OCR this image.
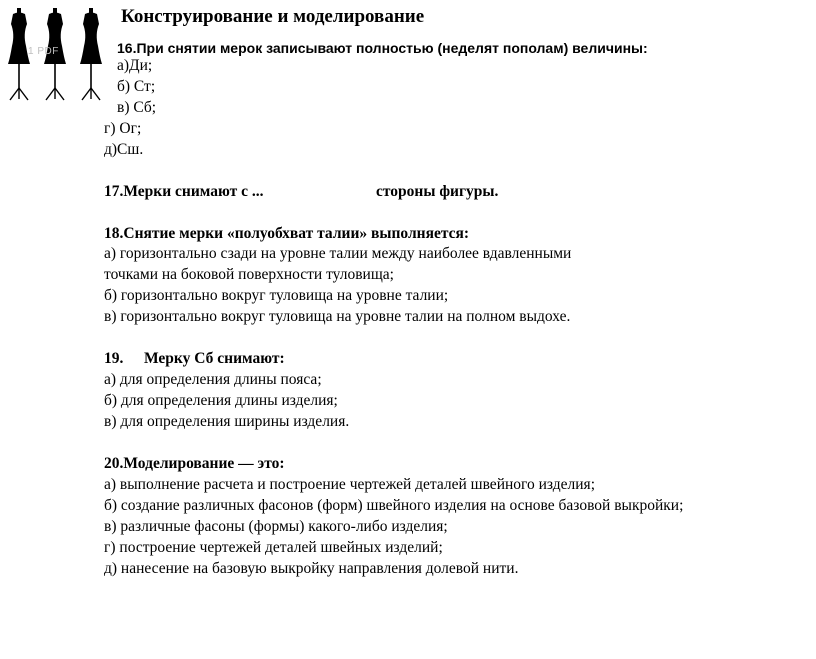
1 PDF
Конструирование и моделирование
16.При снятии мерок записывают полностью (неделят пополам) величины:
а)Ди;
б) Ст;
в) Сб;
г) Ог;
д)Сш.
17.Мерки снимают с ...	стороны фигуры.
18.Снятие мерки «полуобхват талии» выполняется:
а) горизонтально сзади на уровне талии между наиболее вдавленными
точками на боковой поверхности туловища;
б) горизонтально вокруг туловища на уровне талии;
в) горизонтально вокруг туловища на уровне талии на полном выдохе.
19. Мерку Сб снимают:
а) для определения длины пояса;
б) для определения длины изделия;
в) для определения ширины изделия.
20.Моделирование — это:
а) выполнение расчета и построение чертежей деталей швейного изделия;
б) создание различных фасонов (форм) швейного изделия на основе базовой выкройки;
в) различные фасоны (формы) какого-либо изделия;
г) построение чертежей деталей швейных изделий;
д) нанесение на базовую выкройку направления долевой нити.
